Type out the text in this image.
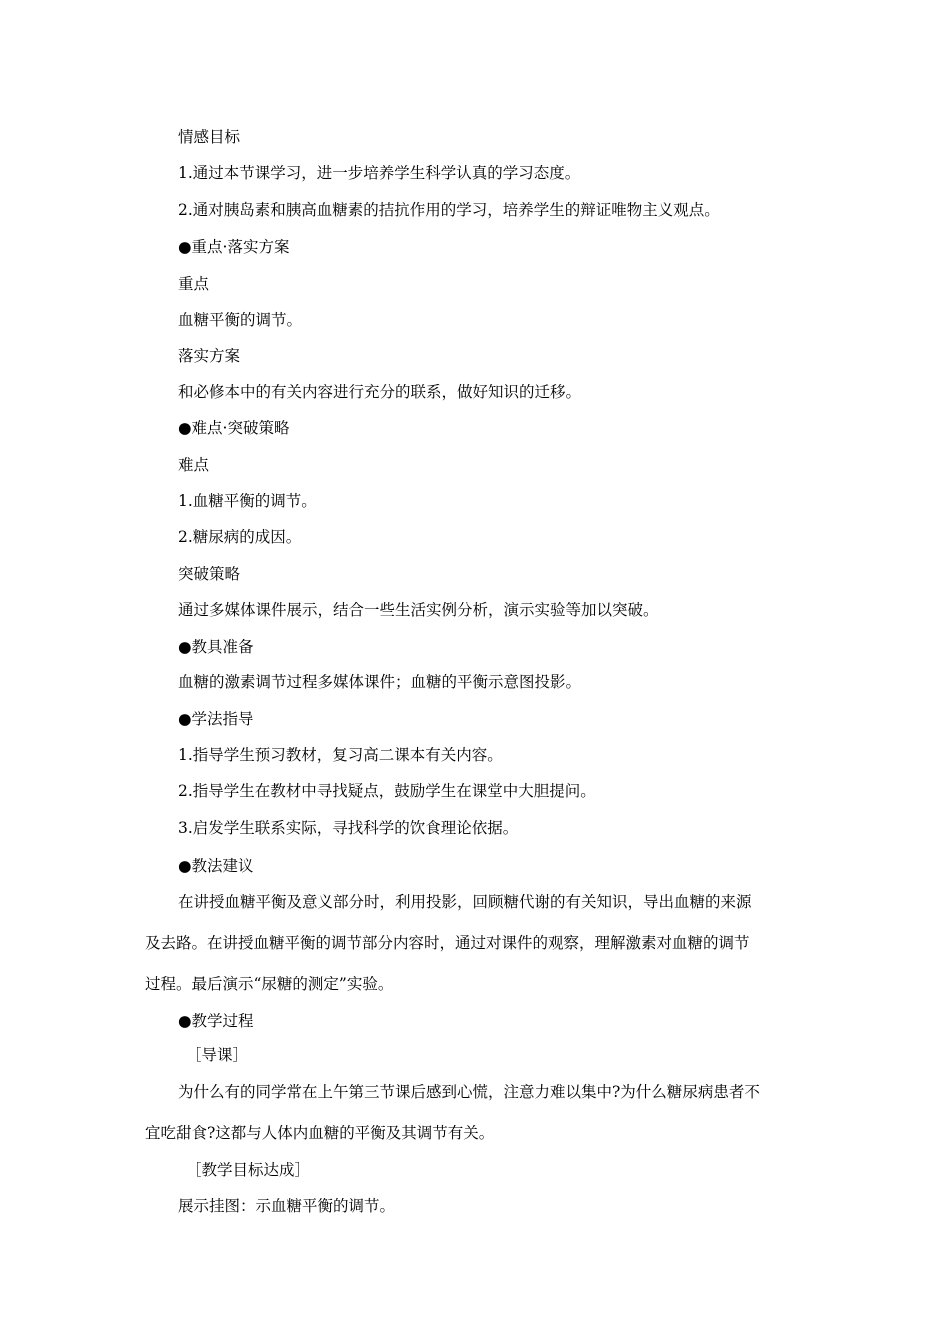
情感目标
1.通过本节课学习，进一步培养学生科学认真的学习态度。
2.通对胰岛素和胰高血糖素的拮抗作用的学习，培养学生的辩证唯物主义观点。
●重点·落实方案
重点
血糖平衡的调节。
落实方案
和必修本中的有关内容进行充分的联系，做好知识的迁移。
●难点·突破策略
难点
1.血糖平衡的调节。
2.糖尿病的成因。
突破策略
通过多媒体课件展示，结合一些生活实例分析，演示实验等加以突破。
●教具准备
血糖的激素调节过程多媒体课件；血糖的平衡示意图投影。
●学法指导
1.指导学生预习教材，复习高二课本有关内容。
2.指导学生在教材中寻找疑点，鼓励学生在课堂中大胆提问。
3.启发学生联系实际，寻找科学的饮食理论依据。
●教法建议
在讲授血糖平衡及意义部分时，利用投影，回顾糖代谢的有关知识，导出血糖的来源
及去路。在讲授血糖平衡的调节部分内容时，通过对课件的观察，理解激素对血糖的调节
过程。最后演示“尿糖的测定”实验。
●教学过程
［导课］
为什么有的同学常在上午第三节课后感到心慌，注意力难以集中?为什么糖尿病患者不
宜吃甜食?这都与人体内血糖的平衡及其调节有关。
［教学目标达成］
展示挂图：示血糖平衡的调节。
